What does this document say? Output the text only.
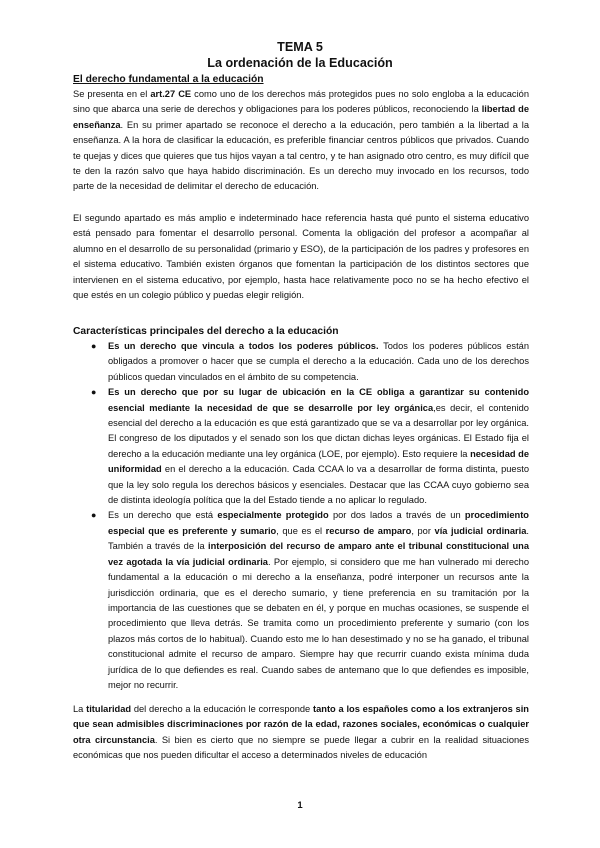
TEMA 5
La ordenación de la Educación
El derecho fundamental a la educación

Se presenta en el art.27 CE como uno de los derechos más protegidos pues no solo engloba a la educación sino que abarca una serie de derechos y obligaciones para los poderes públicos, reconociendo la libertad de enseñanza. En su primer apartado se reconoce el derecho a la educación, pero también a la libertad a la enseñanza. A la hora de clasificar la educación, es preferible financiar centros públicos que privados. Cuando te quejas y dices que quieres que tus hijos vayan a tal centro, y te han asignado otro centro, es muy difícil que te den la razón salvo que haya habido discriminación. Es un derecho muy invocado en los recursos, todo parte de la necesidad de delimitar el derecho de educación.

El segundo apartado es más amplio e indeterminado hace referencia hasta qué punto el sistema educativo está pensado para fomentar el desarrollo personal. Comenta la obligación del profesor a acompañar al alumno en el desarrollo de su personalidad (primario y ESO), de la participación de los padres y profesores en el sistema educativo. También existen órganos que fomentan la participación de los distintos sectores que intervienen en el sistema educativo, por ejemplo, hasta hace relativamente poco no se ha hecho efectivo el que estés en un colegio público y puedas elegir religión.

Características principales del derecho a la educación
● Es un derecho que vincula a todos los poderes públicos. Todos los poderes públicos están obligados a promover o hacer que se cumpla el derecho a la educación. Cada uno de los derechos públicos quedan vinculados en el ámbito de su competencia.
● Es un derecho que por su lugar de ubicación en la CE obliga a garantizar su contenido esencial mediante la necesidad de que se desarrolle por ley orgánica,es decir, el contenido esencial del derecho a la educación es que está garantizado que se va a desarrollar por ley orgánica. El congreso de los diputados y el senado son los que dictan dichas leyes orgánicas. El Estado fija el derecho a la educación mediante una ley orgánica (LOE, por ejemplo). Esto requiere la necesidad de uniformidad en el derecho a la educación. Cada CCAA lo va a desarrollar de forma distinta, puesto que la ley solo regula los derechos básicos y esenciales. Destacar que las CCAA cuyo gobierno sea de distinta ideología política que la del Estado tiende a no aplicar lo regulado.
● Es un derecho que está especialmente protegido por dos lados a través de un procedimiento especial que es preferente y sumario, que es el recurso de amparo, por vía judicial ordinaria. También a través de la interposición del recurso de amparo ante el tribunal constitucional una vez agotada la vía judicial ordinaria. Por ejemplo, si considero que me han vulnerado mi derecho fundamental a la educación o mi derecho a la enseñanza, podré interponer un recursos ante la jurisdicción ordinaria, que es el derecho sumario, y tiene preferencia en su tramitación por la importancia de las cuestiones que se debaten en él, y porque en muchas ocasiones, se suspende el procedimiento que lleva detrás. Se tramita como un procedimiento preferente y sumario (con los plazos más cortos de lo habitual). Cuando esto me lo han desestimado y no se ha ganado, el tribunal constitucional admite el recurso de amparo. Siempre hay que recurrir cuando exista mínima duda jurídica de lo que defiendes es real. Cuando sabes de antemano que lo que defiendes es imposible, mejor no recurrir.

La titularidad del derecho a la educación le corresponde tanto a los españoles como a los extranjeros sin que sean admisibles discriminaciones por razón de la edad, razones sociales, económicas o cualquier otra circunstancia. Si bien es cierto que no siempre se puede llegar a cubrir en la realidad situaciones económicas que nos pueden dificultar el acceso a determinados niveles de educación

1
